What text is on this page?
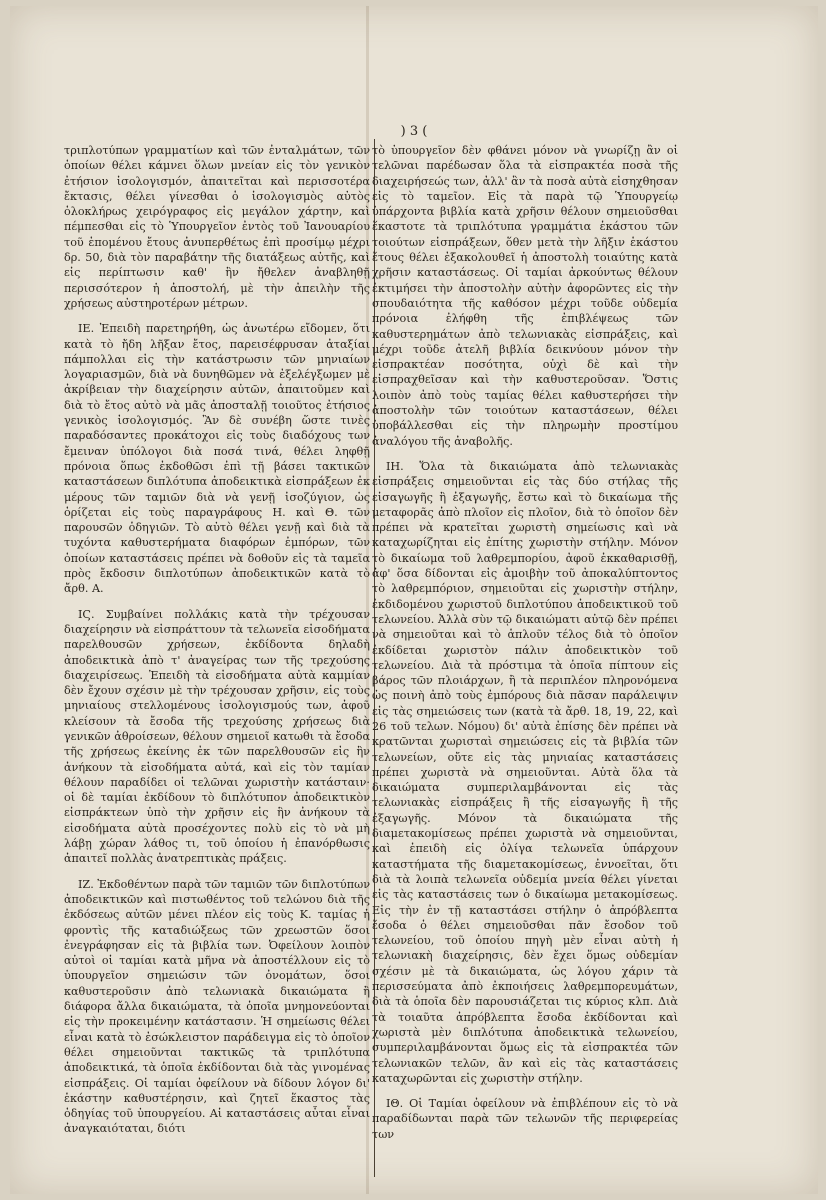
) 3 (

τριπλοτύπων γραμματίων καὶ τῶν ἐνταλμάτων, τῶν ὁποίων θέλει κάμνει ὅλων μνείαν εἰς τὸν γενικὸν ἐτήσιον ἰσολογισμόν, ἀπαιτεῖται καὶ περισσοτέρα ἔκτασις, θέλει γίνεσθαι ὁ ἰσολογισμὸς αὐτὸς ὁλοκλήρως χειρόγραφος εἰς μεγάλον χάρτην, καὶ πέμπεσθαι εἰς τὸ Ὑπουργεῖον ἐντὸς τοῦ Ἰανουαρίου τοῦ ἑπομένου ἔτους ἀνυπερθέτως ἐπὶ προσίμῳ μέχρι δρ. 50, διὰ τὸν παραβάτην τῆς διατάξεως αὐτῆς, καὶ εἰς περίπτωσιν καθ' ἣν ἤθελεν ἀναβληθῇ περισσότερον ἡ ἀποστολή, μὲ τὴν ἀπειλὴν τῆς χρήσεως αὐστηροτέρων μέτρων.

ΙΕ. Ἐπειδὴ παρετηρήθη, ὡς ἀνωτέρω εἴδομεν, ὅτι κατὰ τὸ ἤδη λῆξαν ἔτος, παρεισέφρυσαν ἀταξίαι πάμπολλαι εἰς τὴν κατάστρωσιν τῶν μηνιαίων λογαριασμῶν, διὰ νὰ δυνηθῶμεν νὰ ἐξελέγξωμεν μὲ ἀκρίβειαν τὴν διαχείρησιν αὐτῶν, ἀπαιτοῦμεν καὶ διὰ τὸ ἔτος αὐτὸ νὰ μᾶς ἀποσταλῇ τοιοῦτος ἐτήσιος γενικὸς ἰσολογισμός. Ἂν δὲ συνέβη ὥστε τινὲς παραδόσαντες προκάτοχοι εἰς τοὺς διαδόχους των ἔμειναν ὑπόλογοι διὰ ποσά τινά, θέλει ληφθῇ πρόνοια ὅπως ἐκδοθῶσι ἐπὶ τῇ βάσει τακτικῶν καταστάσεων διπλότυπα ἀποδεικτικὰ εἰσπράξεων ἐκ μέρους τῶν ταμιῶν διὰ νὰ γενῇ ἰσοζύγιον, ὡς ὁρίζεται εἰς τοὺς παραγράφους Η. καὶ Θ. τῶν παρουσῶν ὁδηγιῶν. Τὸ αὐτὸ θέλει γενῇ καὶ διὰ τὰ τυχόντα καθυστερήματα διαφόρων ἐμπόρων, τῶν ὁποίων καταστάσεις πρέπει νὰ δοθοῦν εἰς τὰ ταμεῖα πρὸς ἔκδοσιν διπλοτύπων ἀποδεικτικῶν κατὰ τὸ ἄρθ. Α.

ΙϚ. Συμβαίνει πολλάκις κατὰ τὴν τρέχουσαν διαχείρησιν νὰ εἰσπράττουν τὰ τελωνεῖα εἰσοδήματα παρελθουσῶν χρήσεων, ἐκδίδοντα δηλαδὴ ἀποδεικτικὰ ἀπὸ τ' ἀναγείρας των τῆς τρεχούσης διαχειρίσεως. Ἐπειδὴ τὰ εἰσοδήματα αὐτὰ καμμίαν δὲν ἔχουν σχέσιν μὲ τὴν τρέχουσαν χρῆσιν, εἰς τοὺς μηνιαίους στελλομένους ἰσολογισμούς των, ἀφοῦ κλείσουν τὰ ἔσοδα τῆς τρεχούσης χρήσεως διὰ γενικῶν ἀθροίσεων, θέλουν σημειοῖ κατωθι τὰ ἔσοδα τῆς χρήσεως ἐκείνης ἐκ τῶν παρελθουσῶν εἰς ἣν ἀνήκουν τὰ εἰσοδήματα αὐτά, καὶ εἰς τὸν ταμίαν θέλουν παραδίδει οἱ τελῶναι χωριστὴν κατάσταιν· οἱ δὲ ταμίαι ἐκδίδουν τὸ διπλότυπον ἀποδεικτικὸν εἰσπράκτεων ὑπὸ τὴν χρῆσιν εἰς ἣν ἀνήκουν τὰ εἰσοδήματα αὐτὰ προσέχοντες πολὺ εἰς τὸ νὰ μὴ λάβῃ χώραν λάθος τι, τοῦ ὁποίου ἡ ἐπανόρθωσις ἀπαιτεῖ πολλὰς ἀνατρεπτικὰς πράξεις.

ΙΖ. Ἐκδοθέντων παρὰ τῶν ταμιῶν τῶν διπλοτύπων ἀποδεικτικῶν καὶ πιστωθέντος τοῦ τελώνου διὰ τῆς ἐκδόσεως αὐτῶν μένει πλέον εἰς τοὺς Κ. ταμίας ἡ φροντὶς τῆς καταδιώξεως τῶν χρεωστῶν ὅσοι ἐνεγράφησαν εἰς τὰ βιβλία των. Ὀφείλουν λοιπὸν αὐτοὶ οἱ ταμίαι κατὰ μῆνα νὰ ἀποστέλλουν εἰς τὸ ὑπουργεῖον σημειώσιν τῶν ὀνομάτων, ὅσοι καθυστεροῦσιν ἀπὸ τελωνιακὰ δικαιώματα ἢ διάφορα ἄλλα δικαιώματα, τὰ ὁποῖα μνημονεύονται εἰς τὴν προκειμένην κατάστασιν. Ἡ σημείωσις θέλει εἶναι κατὰ τὸ ἐσώκλειστον παράδειγμα εἰς τὸ ὁποῖον θέλει σημειοῦνται τακτικῶς τὰ τριπλότυπα ἀποδεικτικά, τὰ ὁποῖα ἐκδίδονται διὰ τὰς γινομένας εἰσπράξεις. Οἱ ταμίαι ὀφείλουν νὰ δίδουν λόγον δι' ἑκάστην καθυστέρησιν, καὶ ζητεῖ ἕκαστος τὰς ὁδηγίας τοῦ ὑπουργείου. Αἱ καταστάσεις αὗται εἶναι ἀναγκαιόταται, διότι

τὸ ὑπουργεῖον δὲν φθάνει μόνον νὰ γνωρίζῃ ἂν οἱ τελῶναι παρέδωσαν ὅλα τὰ εἰσπρακτέα ποσὰ τῆς διαχειρήσεώς των, ἀλλ' ἂν τὰ ποσὰ αὐτὰ εἰσηχθησαν εἰς τὸ ταμεῖον. Εἰς τὰ παρὰ τῷ Ὑπουργείῳ ὑπάρχοντα βιβλία κατὰ χρῆσιν θέλουν σημειοῦσθαι ἕκαστοτε τὰ τριπλότυπα γραμμάτια ἑκάστου τῶν τοιούτων εἰσπράξεων, ὅθεν μετὰ τὴν λῆξιν ἑκάστου ἔτους θέλει ἐξακολουθεῖ ἡ ἀποστολὴ τοιαύτης κατὰ χρῆσιν καταστάσεως. Οἱ ταμίαι ἀρκούντως θέλουν ἐκτιμήσει τὴν ἀποστολὴν αὐτὴν ἀφορῶντες εἰς τὴν σπουδαιότητα τῆς καθόσον μέχρι τοῦδε οὐδεμία πρόνοια ἐλήφθη τῆς ἐπιβλέψεως τῶν καθυστερημάτων ἀπὸ τελωνιακὰς εἰσπράξεις, καὶ μέχρι τοῦδε ἀτελῆ βιβλία δεικνύουν μόνον τὴν εἰσπρακτέαν ποσότητα, οὐχὶ δὲ καὶ τὴν εἰσπραχθεῖσαν καὶ τὴν καθυστεροῦσαν. Ὅστις λοιπὸν ἀπὸ τοὺς ταμίας θέλει καθυστερήσει τὴν ἀποστολὴν τῶν τοιούτων καταστάσεων, θέλει ὑποβάλλεσθαι εἰς τὴν πληρωμὴν προστίμου ἀναλόγου τῆς ἀναβολῆς.

ΙΗ. Ὅλα τὰ δικαιώματα ἀπὸ τελωνιακὰς εἰσπράξεις σημειοῦνται εἰς τὰς δύο στήλας τῆς εἰσαγωγῆς ἢ ἐξαγωγῆς, ἔστω καὶ τὸ δικαίωμα τῆς μεταφορᾶς ἀπὸ πλοῖον εἰς πλοῖον, διὰ τὸ ὁποῖον δὲν πρέπει νὰ κρατεῖται χωριστὴ σημείωσις καὶ νὰ καταχωρίζηται εἰς ἐπίτης χωριστὴν στήλην. Μόνον τὸ δικαίωμα τοῦ λαθρεμπορίου, ἀφοῦ ἐκκαθαρισθῇ, ἀφ' ὅσα δίδονται εἰς ἀμοιβὴν τοῦ ἀποκαλύπτοντος τὸ λαθρεμπόριον, σημειοῦται εἰς χωριστὴν στήλην, ἐκδιδομένου χωριστοῦ διπλοτύπου ἀποδεικτικοῦ τοῦ τελωνείου. Ἀλλὰ σὺν τῷ δικαιώματι αὐτῷ δὲν πρέπει νὰ σημειοῦται καὶ τὸ ἁπλοῦν τέλος διὰ τὸ ὁποῖον ἐκδίδεται χωριστὸν πάλιν ἀποδεικτικὸν τοῦ τελωνείου. Διὰ τὰ πρόστιμα τὰ ὁποῖα πίπτουν εἰς βάρος τῶν πλοιάρχων, ἢ τὰ περιπλέον πληρονόμενα ὡς ποινὴ ἀπὸ τοὺς ἐμπόρους διὰ πᾶσαν παράλειψιν εἰς τὰς σημειώσεις των (κατὰ τὰ ἄρθ. 18, 19, 22, καὶ 26 τοῦ τελων. Νόμου) δι' αὐτὰ ἐπίσης δὲν πρέπει νὰ κρατῶνται χωρισταὶ σημειώσεις εἰς τὰ βιβλία τῶν τελωνείων, οὔτε εἰς τὰς μηνιαίας καταστάσεις πρέπει χωριστὰ νὰ σημειοῦνται. Αὐτὰ ὅλα τὰ δικαιώματα συμπεριλαμβάνονται εἰς τὰς τελωνιακὰς εἰσπράξεις ἢ τῆς εἰσαγωγῆς ἢ τῆς ἐξαγωγῆς. Μόνον τὰ δικαιώματα τῆς διαμετακομίσεως πρέπει χωριστὰ νὰ σημειοῦνται, καὶ ἐπειδὴ εἰς ὀλίγα τελωνεῖα ὑπάρχουν καταστήματα τῆς διαμετακομίσεως, ἐννοεῖται, ὅτι διὰ τὰ λοιπὰ τελωνεῖα οὐδεμία μνεία θέλει γίνεται εἰς τὰς καταστάσεις των ὁ δικαίωμα μετακομίσεως. Εἰς τὴν ἐν τῇ καταστάσει στήλην ὁ ἀπρόβλεπτα ἔσοδα ὁ θέλει σημειοῦσθαι πᾶν ἔσοδον τοῦ τελωνείου, τοῦ ὁποίου πηγὴ μὲν εἶναι αὐτὴ ἡ τελωνιακὴ διαχείρησις, δὲν ἔχει ὅμως οὐδεμίαν σχέσιν μὲ τὰ δικαιώματα, ὡς λόγου χάριν τὰ περισσεύματα ἀπὸ ἐκποιήσεις λαθρεμπορευμάτων, διὰ τὰ ὁποῖα δὲν παρουσιάζεται τις κύριος κλπ. Διὰ τὰ τοιαῦτα ἀπρόβλεπτα ἔσοδα ἐκδίδονται καὶ χωριστὰ μὲν διπλότυπα ἀποδεικτικὰ τελωνείου, συμπεριλαμβάνονται ὅμως εἰς τὰ εἰσπρακτέα τῶν τελωνιακῶν τελῶν, ἂν καὶ εἰς τὰς καταστάσεις καταχωρῶνται εἰς χωριστὴν στήλην.

ΙΘ. Οἱ Ταμίαι ὀφείλουν νὰ ἐπιβλέπουν εἰς τὸ νὰ παραδίδωνται παρὰ τῶν τελωνῶν τῆς περιφερείας των
